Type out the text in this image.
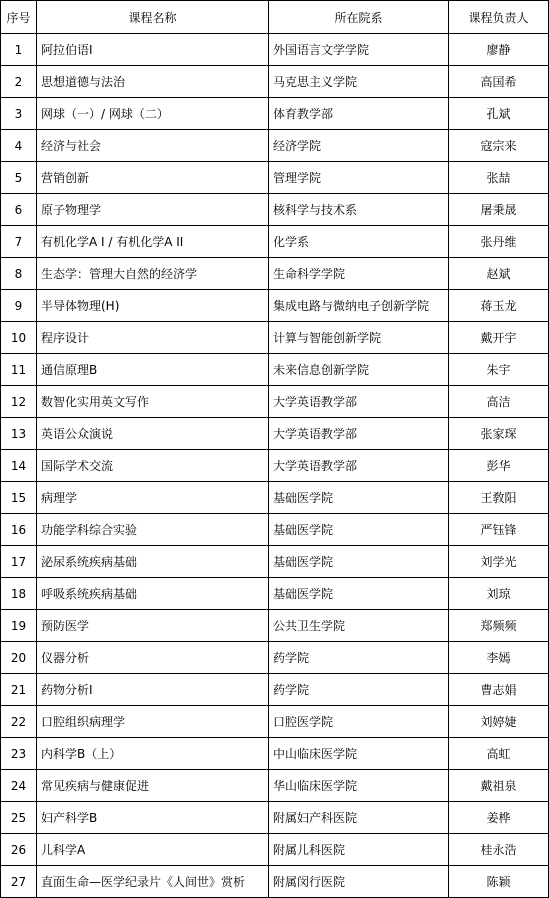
序号	课程名称	所在院系	课程负责人
1	阿拉伯语I	外国语言文学学院	廖静
2	思想道德与法治	马克思主义学院	高国希
3	网球（一）/ 网球（二）	体育教学部	孔斌
4	经济与社会	经济学院	寇宗来
5	营销创新	管理学院	张喆
6	原子物理学	核科学与技术系	屠秉晟
7	有机化学A I / 有机化学A II	化学系	张丹维
8	生态学：管理大自然的经济学	生命科学学院	赵斌
9	半导体物理(H)	集成电路与微纳电子创新学院	蒋玉龙
10	程序设计	计算与智能创新学院	戴开宇
11	通信原理B	未来信息创新学院	朱宇
12	数智化实用英文写作	大学英语教学部	高洁
13	英语公众演说	大学英语教学部	张家琛
14	国际学术交流	大学英语教学部	彭华
15	病理学	基础医学院	王敎阳
16	功能学科综合实验	基础医学院	严钰锋
17	泌尿系统疾病基础	基础医学院	刘学光
18	呼吸系统疾病基础	基础医学院	刘琼
19	预防医学	公共卫生学院	郑频频
20	仪器分析	药学院	李嫣
21	药物分析I	药学院	曹志娟
22	口腔组织病理学	口腔医学院	刘婷婕
23	内科学B（上）	中山临床医学院	高虹
24	常见疾病与健康促进	华山临床医学院	戴祖泉
25	妇产科学B	附属妇产科医院	姜桦
26	儿科学A	附属儿科医院	桂永浩
27	直面生命—医学纪录片《人间世》赏析	附属闵行医院	陈颖
